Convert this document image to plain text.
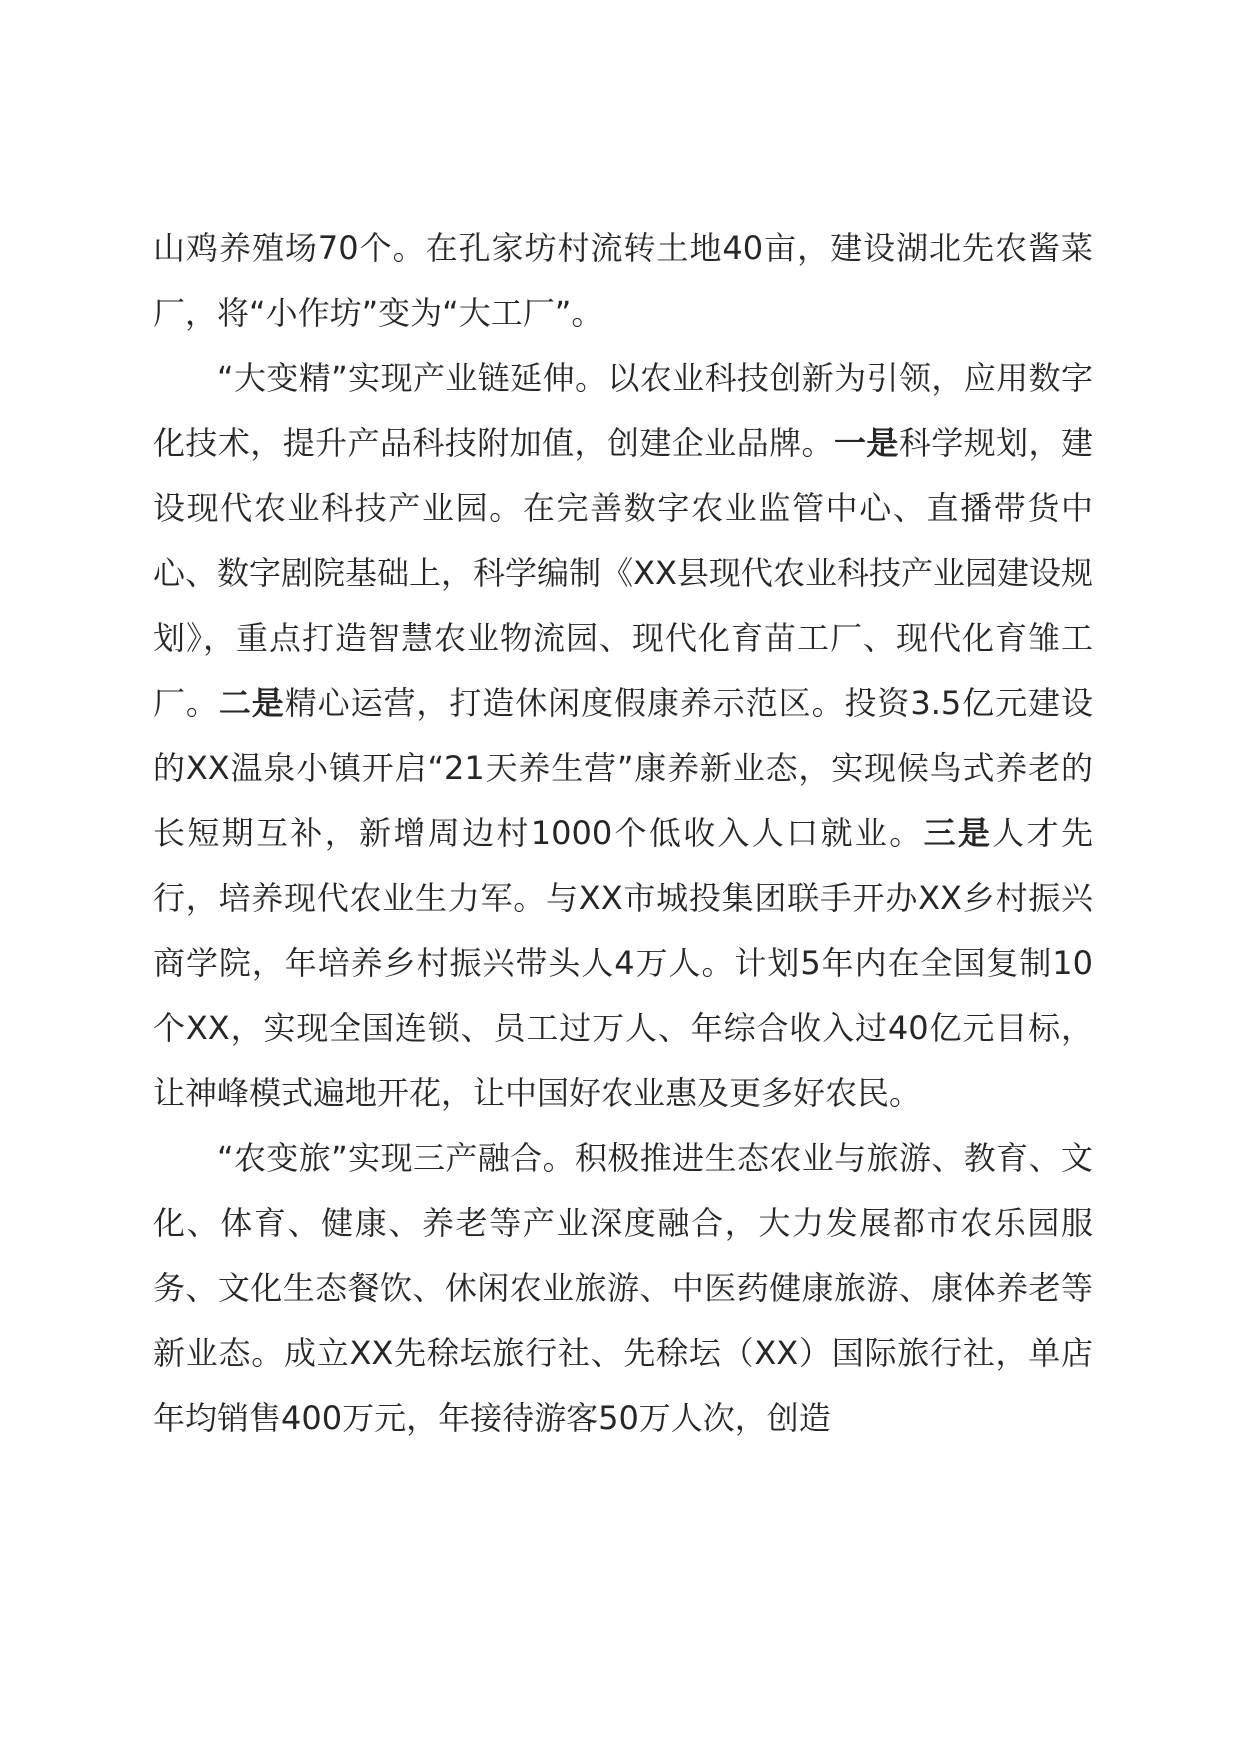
山鸡养殖场70个。在孔家坊村流转土地40亩，建设湖北先农酱菜厂，将“小作坊”变为“大工厂”。

“大变精”实现产业链延伸。以农业科技创新为引领，应用数字化技术，提升产品科技附加值，创建企业品牌。一是科学规划，建设现代农业科技产业园。在完善数字农业监管中心、直播带货中心、数字剧院基础上，科学编制《XX县现代农业科技产业园建设规划》，重点打造智慧农业物流园、现代化育苗工厂、现代化育雏工厂。二是精心运营，打造休闲度假康养示范区。投资3.5亿元建设的XX温泉小镇开启“21天养生营”康养新业态，实现候鸟式养老的长短期互补，新增周边村1000个低收入人口就业。三是人才先行，培养现代农业生力军。与XX市城投集团联手开办XX乡村振兴商学院，年培养乡村振兴带头人4万人。计划5年内在全国复制10个XX，实现全国连锁、员工过万人、年综合收入过40亿元目标，让神峰模式遍地开花，让中国好农业惠及更多好农民。

“农变旅”实现三产融合。积极推进生态农业与旅游、教育、文化、体育、健康、养老等产业深度融合，大力发展都市农乐园服务、文化生态餐饮、休闲农业旅游、中医药健康旅游、康体养老等新业态。成立XX先稌坛旅行社、先稌坛（XX）国际旅行社，单店年均销售400万元，年接待游客50万人次，创造
